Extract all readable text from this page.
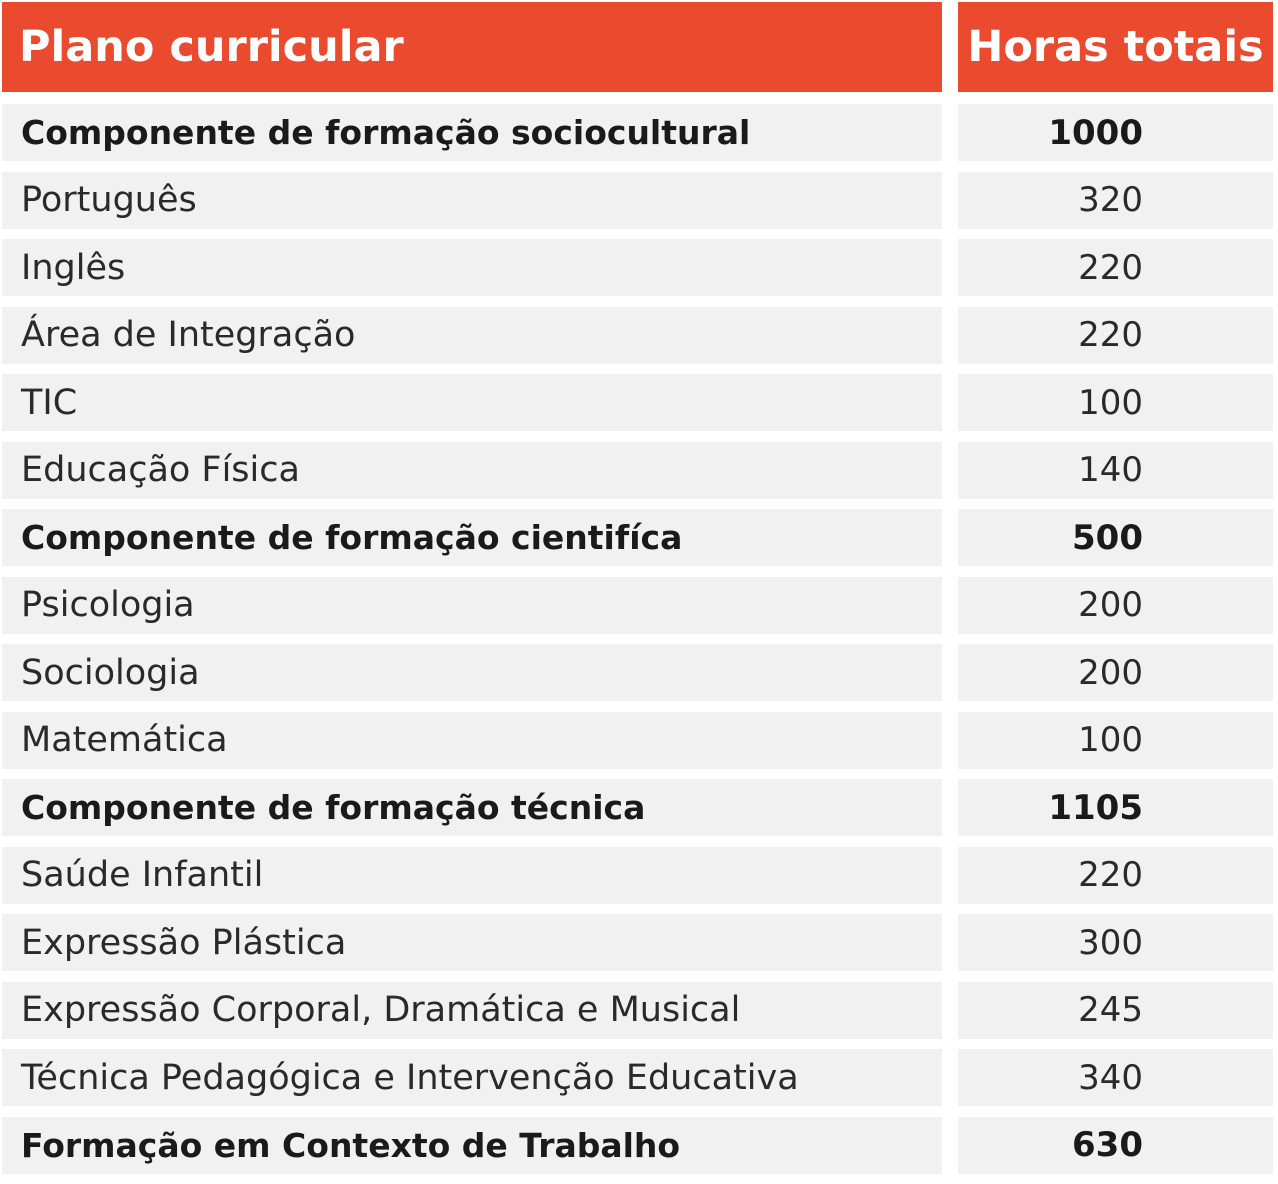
Plano curricular	Horas totais
Componente de formação sociocultural	1000
Português	320
Inglês	220
Área de Integração	220
TIC	100
Educação Física	140
Componente de formação cientifíca	500
Psicologia	200
Sociologia	200
Matemática	100
Componente de formação técnica	1105
Saúde Infantil	220
Expressão Plástica	300
Expressão Corporal, Dramática e Musical	245
Técnica Pedagógica e Intervenção Educativa	340
Formação em Contexto de Trabalho	630
